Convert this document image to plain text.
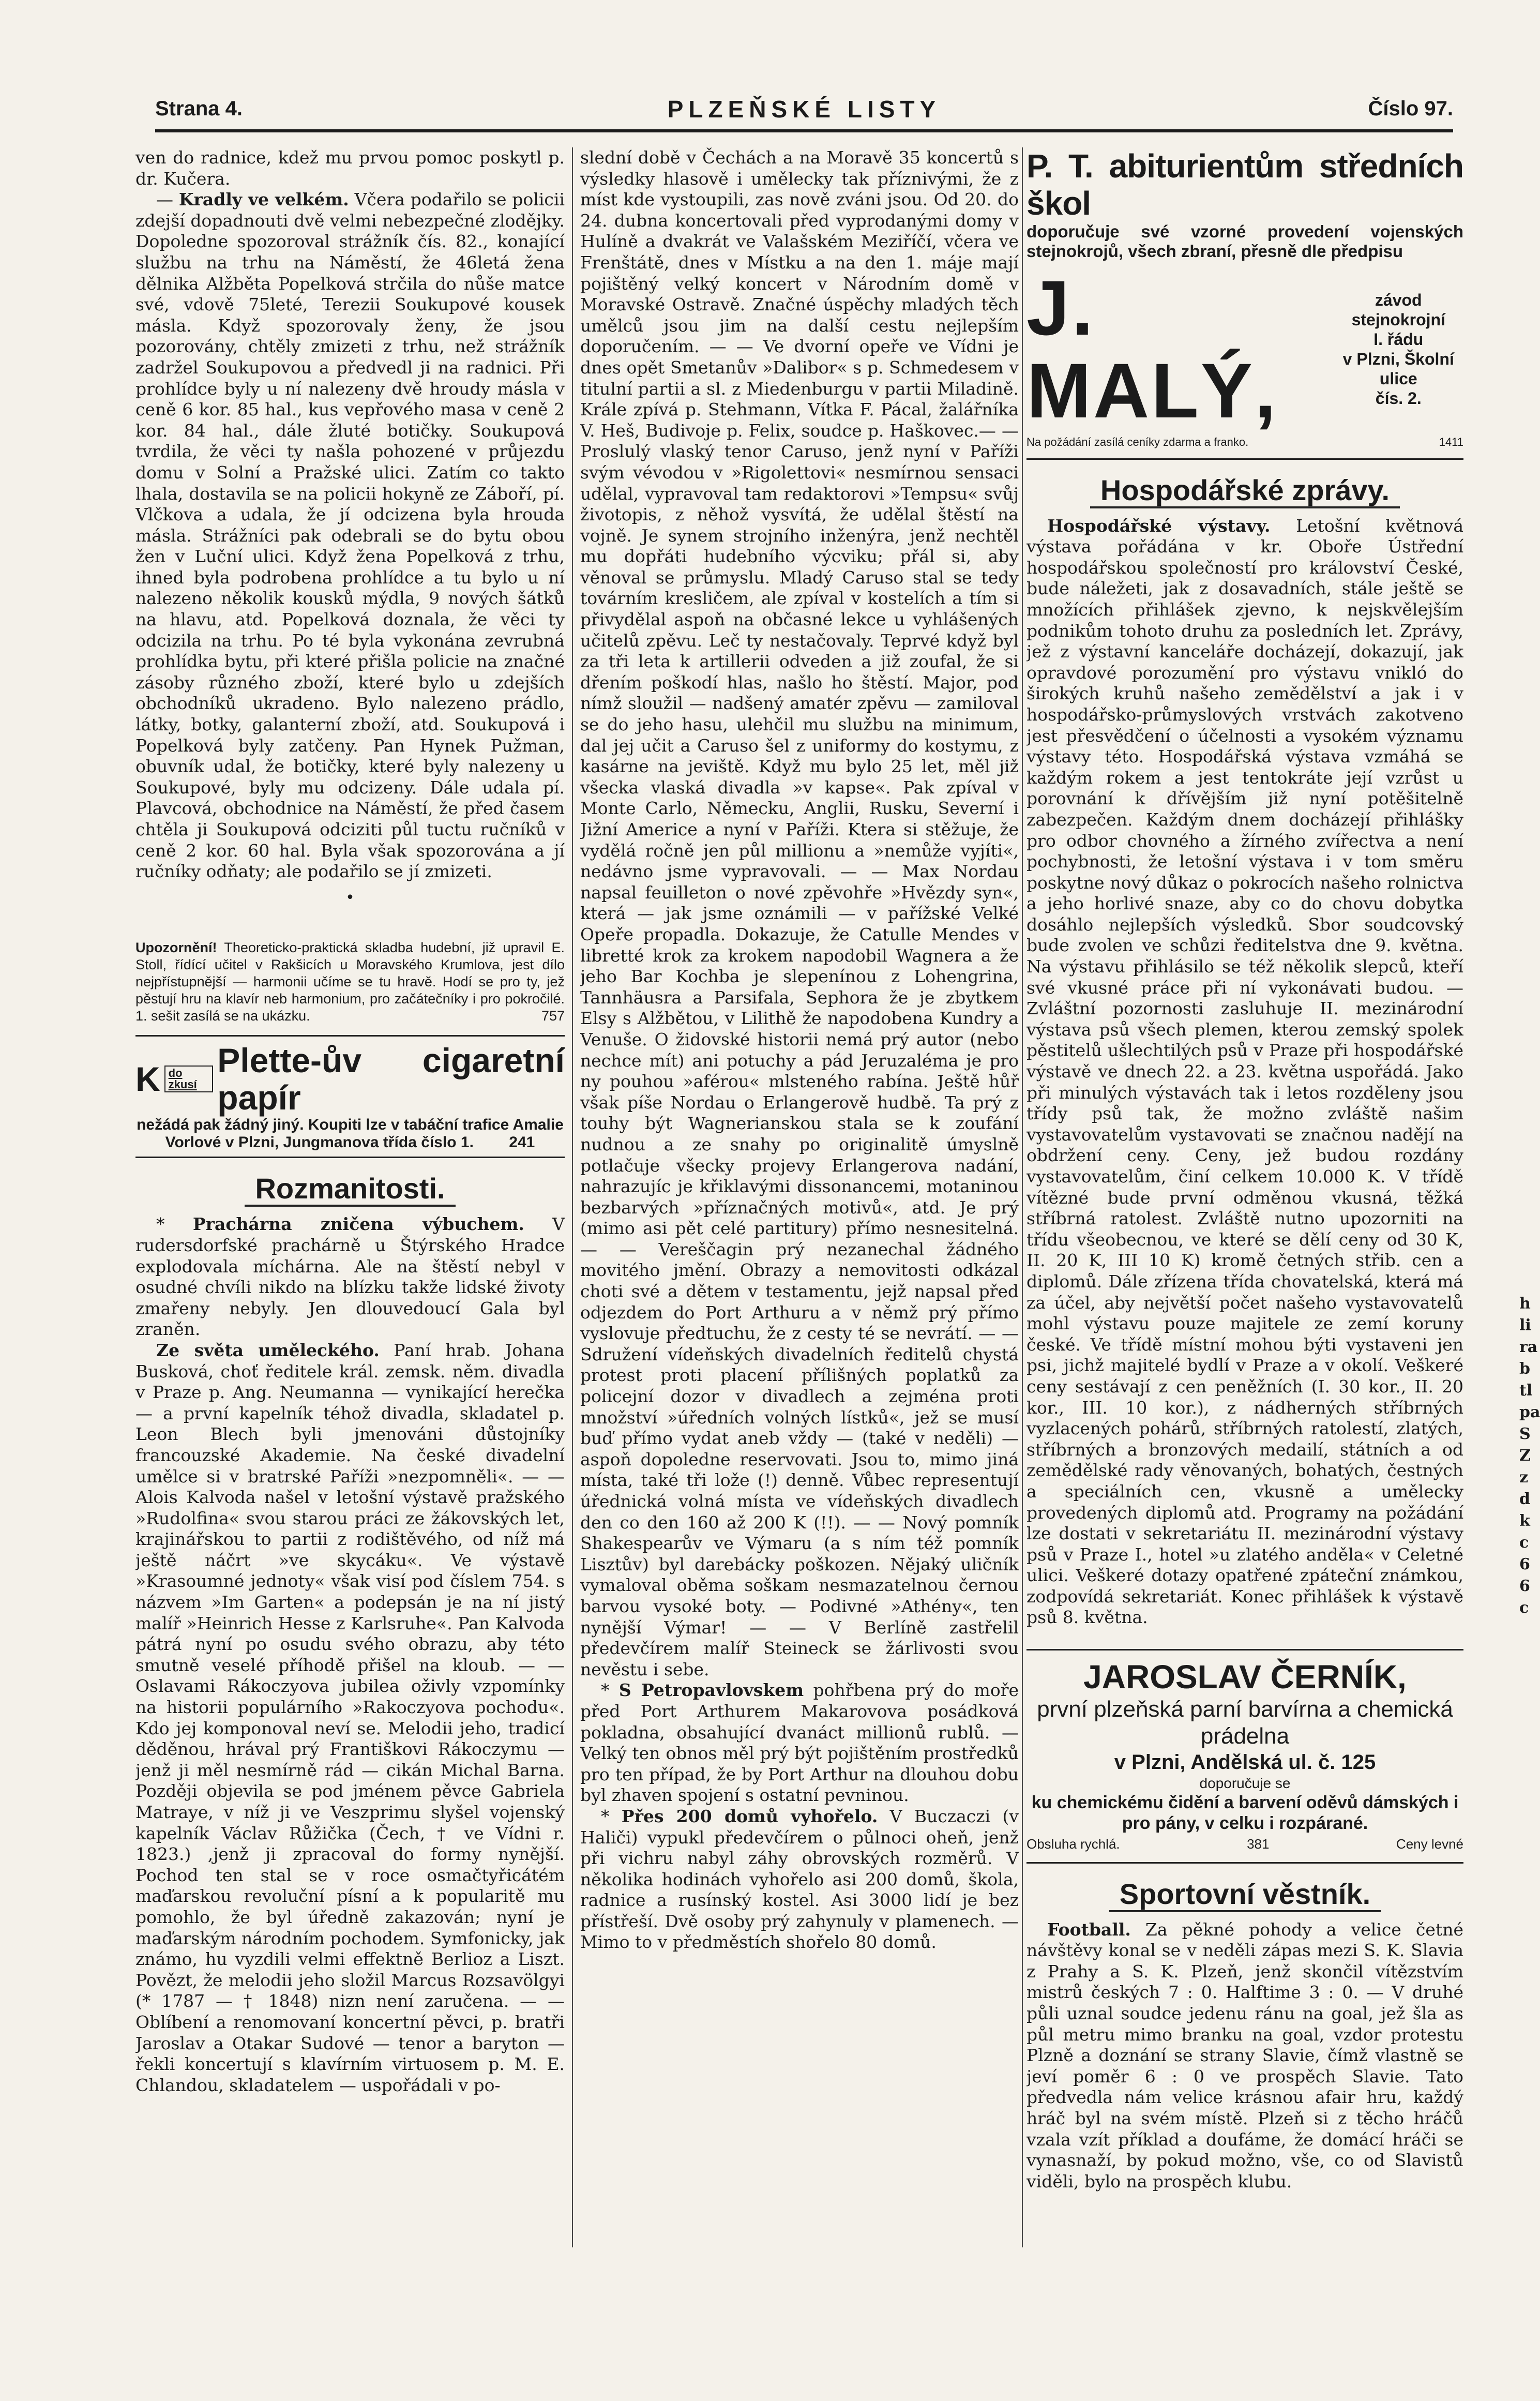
Strana 4.	PLZEŇSKÉ LISTY	Číslo 97.

ven do radnice, kdež mu prvou pomoc poskytl p. dr. Kučera.

— Kradly ve velkém. Včera podařilo se policii zdejší dopadnouti dvě velmi nebezpečné zlodějky. Dopoledne spozoroval strážník čís. 82., konající službu na trhu na Náměstí, že 46letá žena dělnika Alžběta Popelková strčila do nůše matce své, vdově 75leté, Terezii Soukupové kousek másla. Když spozorovaly ženy, že jsou pozorovány, chtěly zmizeti z trhu, než strážník zadržel Soukupovou a předvedl ji na radnici. Při prohlídce byly u ní nalezeny dvě hroudy másla v ceně 6 kor. 85 hal., kus vepřového masa v ceně 2 kor. 84 hal., dále žluté botičky. Soukupová tvrdila, že věci ty našla pohozené v průjezdu domu v Solní a Pražské ulici. Zatím co takto lhala, dostavila se na policii hokyně ze Záboří, pí. Vlčkova a udala, že jí odcizena byla hrouda másla. Strážníci pak odebrali se do bytu obou žen v Luční ulici. Když žena Popelková z trhu, ihned byla podrobena prohlídce a tu bylo u ní nalezeno několik kousků mýdla, 9 nových šátků na hlavu, atd. Popelková doznala, že věci ty odcizila na trhu. Po té byla vykonána zevrubná prohlídka bytu, při které přišla policie na značné zásoby různého zboží, které bylo u zdejších obchodníků ukradeno. Bylo nalezeno prádlo, látky, botky, galanterní zboží, atd. Soukupová i Popelková byly zatčeny. Pan Hynek Pužman, obuvník udal, že botičky, které byly nalezeny u Soukupové, byly mu odcizeny. Dále udala pí. Plavcová, obchodnice na Náměstí, že před časem chtěla ji Soukupová odciziti půl tuctu ručníků v ceně 2 kor. 60 hal. Byla však spozorována a jí ručníky odňaty; ale podařilo se jí zmizeti.

•
Upozornění! Theoreticko-praktická skladba hudební, již upravil E. Stoll, řídící učitel v Rakšicích u Moravského Krumlova, jest dílo nejpřístupnější — harmonii učíme se tu hravě. Hodí se pro ty, jež pěstují hru na klavír neb harmonium, pro začátečníky i pro pokročilé. 1. sešit zasílá se na ukázku.	757
K do zkusí
Plette-ův cigaretní papír
nežádá pak žádný jiný. Koupiti lze v tabáční trafice Amalie Vorlové v Plzni, Jungmanova třída číslo 1. 241
Rozmanitosti.

* Prachárna zničena výbuchem. V rudersdorfské prachárně u Štýrského Hradce explodovala míchárna. Ale na štěstí nebyl v osudné chvíli nikdo na blízku takže lidské životy zmařeny nebyly. Jen dlouvedoucí Gala byl zraněn.

Ze světa uměleckého. Paní hrab. Johana Busková, choť ředitele král. zemsk. něm. divadla v Praze p. Ang. Neumanna — vynikající herečka — a první kapelník téhož divadla, skladatel p. Leon Blech byli jmenováni důstojníky francouzské Akademie. Na české divadelní umělce si v bratrské Paříži »nezpomněli«. — — Alois Kalvoda našel v letošní výstavě pražského »Rudolfina« svou starou práci ze žákovských let, krajinářskou to partii z rodištěvého, od níž má ještě náčrt »ve skycáku«. Ve výstavě »Krasoumné jednoty« však visí pod číslem 754. s názvem »Im Garten« a podepsán je na ní jistý malíř »Heinrich Hesse z Karlsruhe«. Pan Kalvoda pátrá nyní po osudu svého obrazu, aby této smutně veselé příhodě přišel na kloub. — — Oslavami Rákoczyova jubilea oživly vzpomínky na historii populárního »Rakoczyova pochodu«. Kdo jej komponoval neví se. Melodii jeho, tradicí děděnou, hrával prý Františkovi Rákoczymu — jenž ji měl nesmírně rád — cikán Michal Barna. Později objevila se pod jménem pěvce Gabriela Matraye, v níž ji ve Veszprimu slyšel vojenský kapelník Václav Růžička (Čech, † ve Vídni r. 1823.) ,jenž ji zpracoval do formy nynější. Pochod ten stal se v roce osmačtyřicátém maďarskou revoluční písní a k popularitě mu pomohlo, že byl úředně zakazován; nyní je maďarským národním pochodem. Symfonicky, jak známo, hu vyzdili velmi effektně Berlioz a Liszt. Povězt, že melodii jeho složil Marcus Rozsavölgyi (* 1787 — † 1848) nizn není zaručena. — — Oblíbení a renomovaní koncertní pěvci, p. bratři Jaroslav a Otakar Sudové — tenor a baryton — řekli koncertují s klavírním virtuosem p. M. E. Chlandou, skladatelem — uspořádali v po-

slední době v Čechách a na Moravě 35 koncertů s výsledky hlasově i umělecky tak příznivými, že z míst kde vystoupili, zas nově zváni jsou. Od 20. do 24. dubna koncertovali před vyprodanými domy v Hulíně a dvakrát ve Valašském Meziříčí, včera ve Frenštátě, dnes v Místku a na den 1. máje mají pojištěný velký koncert v Národním domě v Moravské Ostravě. Značné úspěchy mladých těch umělců jsou jim na další cestu nejlepším doporučením. — — Ve dvorní opeře ve Vídni je dnes opět Smetanův »Dalibor« s p. Schmedesem v titulní partii a sl. z Miedenburgu v partii Miladině. Krále zpívá p. Stehmann, Vítka F. Pácal, žalářníka V. Heš, Budivoje p. Felix, soudce p. Haškovec.— — Proslulý vlaský tenor Caruso, jenž nyní v Paříži svým vévodou v »Rigolettovi« nesmírnou sensaci udělal, vypravoval tam redaktorovi »Tempsu« svůj životopis, z něhož vysvítá, že udělal štěstí na vojně. Je synem strojního inženýra, jenž nechtěl mu dopřáti hudebního výcviku; přál si, aby věnoval se průmyslu. Mladý Caruso stal se tedy továrním kresličem, ale zpíval v kostelích a tím si přivydělal aspoň na občasné lekce u vyhlášených učitelů zpěvu. Leč ty nestačovaly. Teprvé když byl za tři leta k artillerii odveden a již zoufal, že si dřením poškodí hlas, našlo ho štěstí. Major, pod nímž sloužil — nadšený amatér zpěvu — zamiloval se do jeho hasu, ulehčil mu službu na minimum, dal jej učit a Caruso šel z uniformy do kostymu, z kasárne na jeviště. Když mu bylo 25 let, měl již všecka vlaská divadla »v kapse«. Pak zpíval v Monte Carlo, Německu, Anglii, Rusku, Severní i Jižní Americe a nyní v Paříži. Ktera si stěžuje, že vydělá ročně jen půl millionu a »nemůže vyjíti«, nedávno jsme vypravovali. — — Max Nordau napsal feuilleton o nové zpěvohře »Hvězdy syn«, která — jak jsme oznámili — v pařížské Velké Opeře propadla. Dokazuje, že Catulle Mendes v libretté krok za krokem napodobil Wagnera a že jeho Bar Kochba je slepenínou z Lohengrina, Tannhäusra a Parsifala, Sephora že je zbytkem Elsy s Alžbětou, v Lilithě že napodobena Kundry a Venuše. O židovské historii nemá prý autor (nebo nechce mít) ani potuchy a pád Jeruzaléma je pro ny pouhou »aférou« mlsteného rabína. Ještě hůř však píše Nordau o Erlangerově hudbě. Ta prý z touhy být Wagnerianskou stala se k zoufání nudnou a ze snahy po originalitě úmyslně potlačuje všecky projevy Erlangerova nadání, nahrazujíc je křiklavými dissonancemi, motaninou bezbarvých »příznačných motivů«, atd. Je prý (mimo asi pět celé partitury) přímo nesnesitelná. — — Vereščagin prý nezanechal žádného movitého jmění. Obrazy a nemovitosti odkázal choti své a dětem v testamentu, jejž napsal před odjezdem do Port Arthuru a v němž prý přímo vyslovuje předtuchu, že z cesty té se nevrátí. — — Sdružení vídeňských divadelních ředitelů chystá protest proti placení přílišných poplatků za policejní dozor v divadlech a zejména proti množství »úředních volných lístků«, jež se musí buď přímo vydat aneb vždy — (také v neděli) — aspoň dopoledne reservovati. Jsou to, mimo jiná místa, také tři lože (!) denně. Vůbec representují úřednická volná místa ve vídeňských divadlech den co den 160 až 200 K (!!). — — Nový pomník Shakespearův ve Výmaru (a s ním též pomník Lisztův) byl darebácky poškozen. Nějaký uličník vymaloval oběma soškam nesmazatelnou černou barvou vysoké boty. — Podivné »Athény«, ten nynější Výmar! — — V Berlíně zastřelil předevčírem malíř Steineck se žárlivosti svou nevěstu i sebe.

* S Petropavlovskem pohřbena prý do moře před Port Arthurem Makarovova posádková pokladna, obsahující dvanáct millionů rublů. — Velký ten obnos měl prý být pojištěním prostředků pro ten případ, že by Port Arthur na dlouhou dobu byl zhaven spojení s ostatní pevninou.

* Přes 200 domů vyhořelo. V Buczaczi (v Haliči) vypukl předevčírem o půlnoci oheň, jenž při vichru nabyl záhy obrovských rozměrů. V několika hodinách vyhořelo asi 200 domů, škola, radnice a rusínský kostel. Asi 3000 lidí je bez přístřeší. Dvě osoby prý zahynuly v plamenech. — Mimo to v předměstích shořelo 80 domů.

P. T. abiturientům středních škol
doporučuje své vzorné provedení vojenských stejnokrojů, všech zbraní, přesně dle předpisu
J. MALÝ,
závod stejnokrojní
I. řádu
v Plzni, Školní ulice
čís. 2.
Na požádání zasílá ceníky zdarma a franko.	1411
Hospodářské zprávy.

Hospodářské výstavy. Letošní květnová výstava pořádána v kr. Oboře Ústřední hospodářskou společností pro království České, bude náležeti, jak z dosavadních, stále ještě se množících přihlášek zjevno, k nejskvělejším podnikům tohoto druhu za posledních let. Zprávy, jež z výstavní kanceláře docházejí, dokazují, jak opravdové porozumění pro výstavu vnikló do širokých kruhů našeho zemědělství a jak i v hospodářsko-průmyslových vrstvách zakotveno jest přesvědčení o účelnosti a vysokém významu výstavy této. Hospodářská výstava vzmáhá se každým rokem a jest tentokráte její vzrůst u porovnání k dřívějším již nyní potěšitelně zabezpečen. Každým dnem docházejí přihlášky pro odbor chovného a žírného zvířectva a není pochybnosti, že letošní výstava i v tom směru poskytne nový důkaz o pokrocích našeho rolnictva a jeho horlivé snaze, aby co do chovu dobytka dosáhlo nejlepších výsledků. Sbor soudcovský bude zvolen ve schůzi ředitelstva dne 9. května. Na výstavu přihlásilo se též několik slepců, kteří své vkusné práce při ní vykonávati budou. — Zvláštní pozornosti zasluhuje II. mezinárodní výstava psů všech plemen, kterou zemský spolek pěstitelů ušlechtilých psů v Praze při hospodářské výstavě ve dnech 22. a 23. května uspořádá. Jako při minulých výstavách tak i letos rozděleny jsou třídy psů tak, že možno zvláště našim vystavovatelům vystavovati se značnou nadějí na obdržení ceny. Ceny, jež budou rozdány vystavovatelům, činí celkem 10.000 K. V třídě vítězné bude první odměnou vkusná, těžká stříbrná ratolest. Zvláště nutno upozorniti na třídu všeobecnou, ve které se dělí ceny od 30 K, II. 20 K, III 10 K) kromě četných střib. cen a diplomů. Dále zřízena třída chovatelská, která má za účel, aby největší počet našeho vystavovatelů mohl výstavu pouze majitele ze zemí koruny české. Ve třídě místní mohou býti vystaveni jen psi, jichž majitelé bydlí v Praze a v okolí. Veškeré ceny sestávají z cen peněžních (I. 30 kor., II. 20 kor., III. 10 kor.), z nádherných stříbrných vyzlacených pohárů, stříbrných ratolestí, zlatých, stříbrných a bronzových medailí, státních a od zemědělské rady věnovaných, bohatých, čestných a speciálních cen, vkusně a umělecky provedených diplomů atd. Programy na požádání lze dostati v sekretariátu II. mezinárodní výstavy psů v Praze I., hotel »u zlatého anděla« v Celetné ulici. Veškeré dotazy opatřené zpáteční známkou, zodpovídá sekretariát. Konec přihlášek k výstavě psů 8. května.

JAROSLAV ČERNÍK,
první plzeňská parní barvírna a chemická prádelna
v Plzni, Andělská ul. č. 125
doporučuje se
ku chemickému čidění a barvení oděvů dámských i pro pány, v celku i rozpárané.
Obsluha rychlá.	381	Ceny levné
Sportovní věstník.

Football. Za pěkné pohody a velice četné návštěvy konal se v neděli zápas mezi S. K. Slavia z Prahy a S. K. Plzeň, jenž skončil vítězstvím mistrů českých 7 : 0. Halftime 3 : 0. — V druhé půli uznal soudce jedenu ránu na goal, jež šla as půl metru mimo branku na goal, vzdor protestu Plzně a doznání se strany Slavie, čímž vlastně se jeví poměr 6 : 0 ve prospěch Slavie. Tato předvedla nám velice krásnou afair hru, každý hráč byl na svém místě. Plzeň si z těcho hráčů vzala vzít příklad a doufáme, že domácí hráči se vynasnaží, by pokud možno, vše, co od Slavistů viděli, bylo na prospěch klubu.

h
li
ra
b
tl
pa
S
Z
z
d
k
c
6
6
c
